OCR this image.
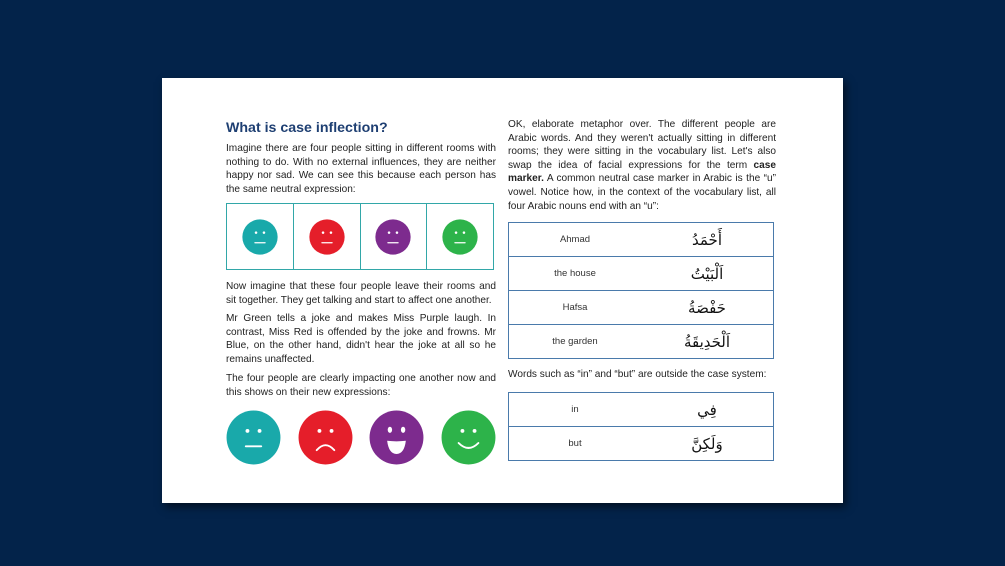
What is case inflection?

Imagine there are four people sitting in different rooms with nothing to do. With no external influences, they are neither happy nor sad. We can see this because each person has the same neutral expression:

Now imagine that these four people leave their rooms and sit together. They get talking and start to affect one another.

Mr Green tells a joke and makes Miss Purple laugh. In contrast, Miss Red is offended by the joke and frowns. Mr Blue, on the other hand, didn't hear the joke at all so he remains unaffected.

The four people are clearly impacting one another now and this shows on their new expressions:

OK, elaborate metaphor over. The different people are Arabic words. And they weren't actually sitting in different rooms; they were sitting in the vocabulary list. Let's also swap the idea of facial expressions for the term case marker. A common neutral case marker in Arabic is the “u” vowel. Notice how, in the context of the vocabulary list, all four Arabic nouns end with an “u”:

Ahmad	أَحْمَدُ
the house	اَلْبَيْتُ
Hafsa	حَفْصَةُ
the garden	اَلْحَدِيقَةُ

Words such as “in” and “but” are outside the case system:

in	فِي
but	وَلَكِنَّ
